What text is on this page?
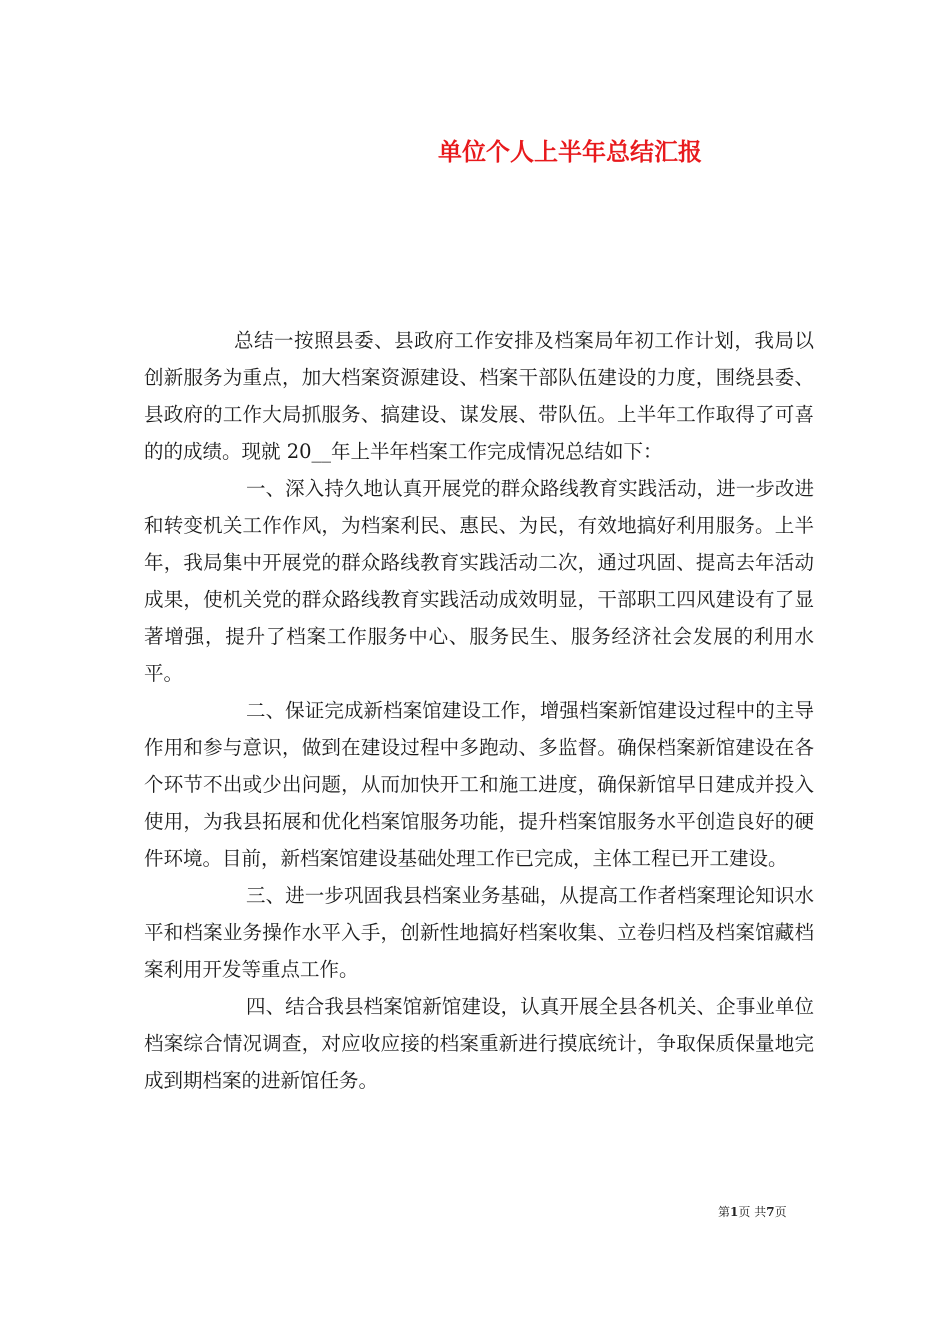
单位个人上半年总结汇报

总结一按照县委、县政府工作安排及档案局年初工作计划，我局以创新服务为重点，加大档案资源建设、档案干部队伍建设的力度，围绕县委、县政府的工作大局抓服务、搞建设、谋发展、带队伍。上半年工作取得了可喜的的成绩。现就 20__年上半年档案工作完成情况总结如下：

一、深入持久地认真开展党的群众路线教育实践活动，进一步改进和转变机关工作作风，为档案利民、惠民、为民，有效地搞好利用服务。上半年，我局集中开展党的群众路线教育实践活动二次，通过巩固、提高去年活动成果，使机关党的群众路线教育实践活动成效明显，干部职工四风建设有了显著增强，提升了档案工作服务中心、服务民生、服务经济社会发展的利用水平。

二、保证完成新档案馆建设工作，增强档案新馆建设过程中的主导作用和参与意识，做到在建设过程中多跑动、多监督。确保档案新馆建设在各个环节不出或少出问题，从而加快开工和施工进度，确保新馆早日建成并投入使用，为我县拓展和优化档案馆服务功能，提升档案馆服务水平创造良好的硬件环境。目前，新档案馆建设基础处理工作已完成，主体工程已开工建设。

三、进一步巩固我县档案业务基础，从提高工作者档案理论知识水平和档案业务操作水平入手，创新性地搞好档案收集、立卷归档及档案馆藏档案利用开发等重点工作。

四、结合我县档案馆新馆建设，认真开展全县各机关、企事业单位档案综合情况调查，对应收应接的档案重新进行摸底统计，争取保质保量地完成到期档案的进新馆任务。

第1页 共7页
